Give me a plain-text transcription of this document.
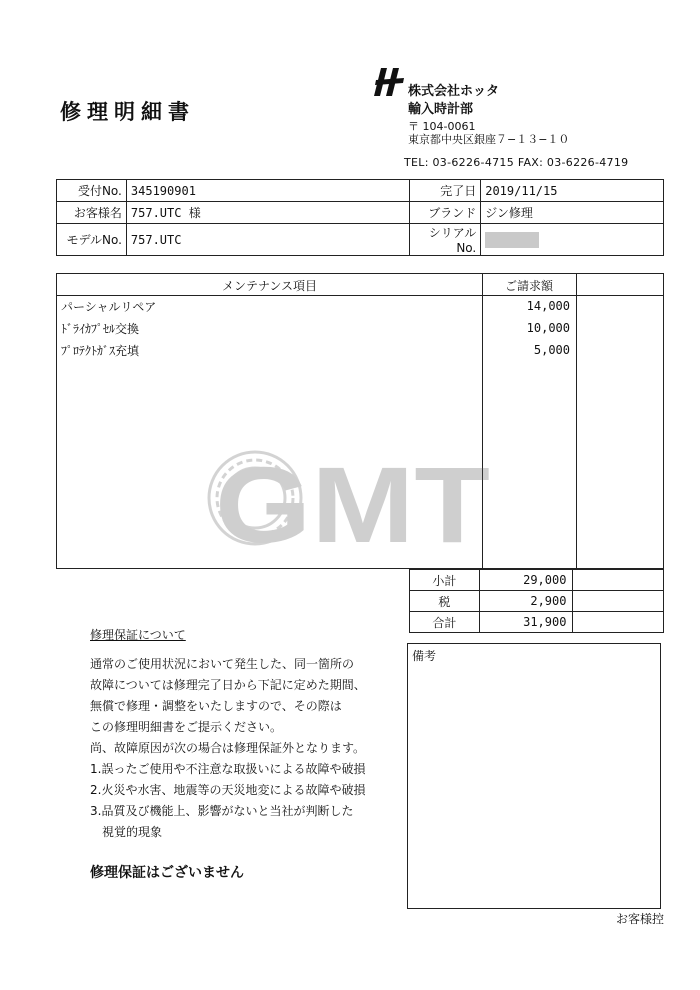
修理明細書
株式会社ホッタ
輸入時計部
〒 104-0061
東京都中央区銀座７−１３−１０
TEL: 03-6226-4715 FAX: 03-6226-4719
受付No.	345190901	完了日	2019/11/15
お客様名	757.UTC 様	ブランド	ジン修理
モデルNo.	757.UTC	シリアルNo.	
メンテナンス項目	ご請求額
パーシャルリペア	14,000
ﾄﾞﾗｲｶﾌﾟｾﾙ交換	10,000
ﾌﾟﾛﾃｸﾄｶﾞｽ充填	5,000
GMT
小計	29,000	
税	2,900	
合計	31,900	
修理保証について
通常のご使用状況において発生した、同一箇所の
故障については修理完了日から下記に定めた期間、
無償で修理・調整をいたしますので、その際は
この修理明細書をご提示ください。
尚、故障原因が次の場合は修理保証外となります。
1.誤ったご使用や不注意な取扱いによる故障や破損
2.火災や水害、地震等の天災地変による故障や破損
3.品質及び機能上、影響がないと当社が判断した
　視覚的現象
修理保証はございません
備考
お客様控
